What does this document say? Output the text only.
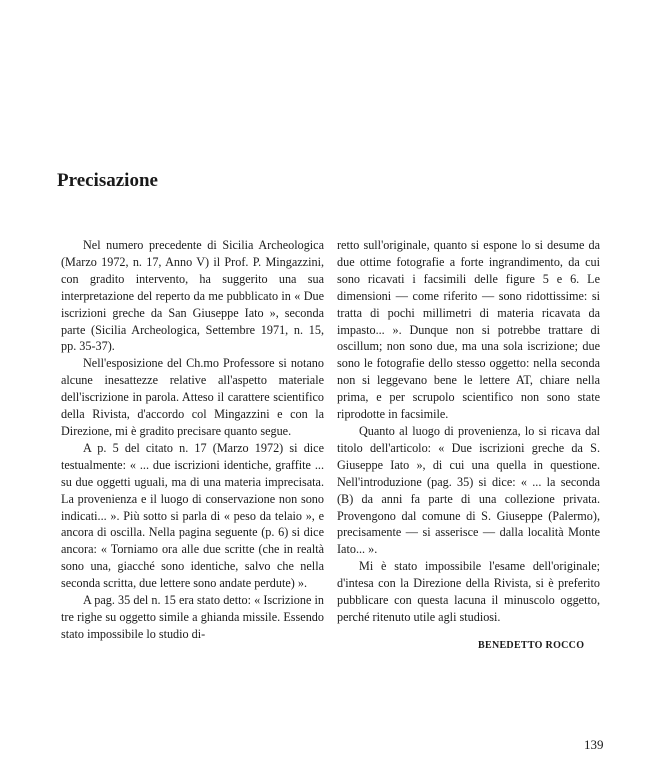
Precisazione

Nel numero precedente di Sicilia Archeologica (Marzo 1972, n. 17, Anno V) il Prof. P. Mingazzini, con gradito intervento, ha suggerito una sua interpretazione del reperto da me pubblicato in « Due iscrizioni greche da San Giuseppe Iato », seconda parte (Sicilia Archeologica, Settembre 1971, n. 15, pp. 35-37).

Nell'esposizione del Ch.mo Professore si notano alcune inesattezze relative all'aspetto materiale dell'iscrizione in parola. Atteso il carattere scientifico della Rivista, d'accordo col Mingazzini e con la Direzione, mi è gradito precisare quanto segue.

A p. 5 del citato n. 17 (Marzo 1972) si dice testualmente: « ... due iscrizioni identiche, graffite ... su due oggetti uguali, ma di una materia imprecisata. La provenienza e il luogo di conservazione non sono indicati... ». Più sotto si parla di « peso da telaio », e ancora di oscilla. Nella pagina seguente (p. 6) si dice ancora: « Torniamo ora alle due scritte (che in realtà sono una, giacché sono identiche, salvo che nella seconda scritta, due lettere sono andate perdute) ».

A pag. 35 del n. 15 era stato detto: « Iscrizione in tre righe su oggetto simile a ghianda missile. Essendo stato impossibile lo studio di-

retto sull'originale, quanto si espone lo si desume da due ottime fotografie a forte ingrandimento, da cui sono ricavati i facsimili delle figure 5 e 6. Le dimensioni — come riferito — sono ridottissime: si tratta di pochi millimetri di materia ricavata da impasto... ». Dunque non si potrebbe trattare di oscillum; non sono due, ma una sola iscrizione; due sono le fotografie dello stesso oggetto: nella seconda non si leggevano bene le lettere AT, chiare nella prima, e per scrupolo scientifico non sono state riprodotte in facsimile.

Quanto al luogo di provenienza, lo si ricava dal titolo dell'articolo: « Due iscrizioni greche da S. Giuseppe Iato », di cui una quella in questione. Nell'introduzione (pag. 35) si dice: « ... la seconda (B) da anni fa parte di una collezione privata. Provengono dal comune di S. Giuseppe (Palermo), precisamente — si asserisce — dalla località Monte Iato... ».

Mi è stato impossibile l'esame dell'originale; d'intesa con la Direzione della Rivista, si è preferito pubblicare con questa lacuna il minuscolo oggetto, perché ritenuto utile agli studiosi.

BENEDETTO ROCCO

139
